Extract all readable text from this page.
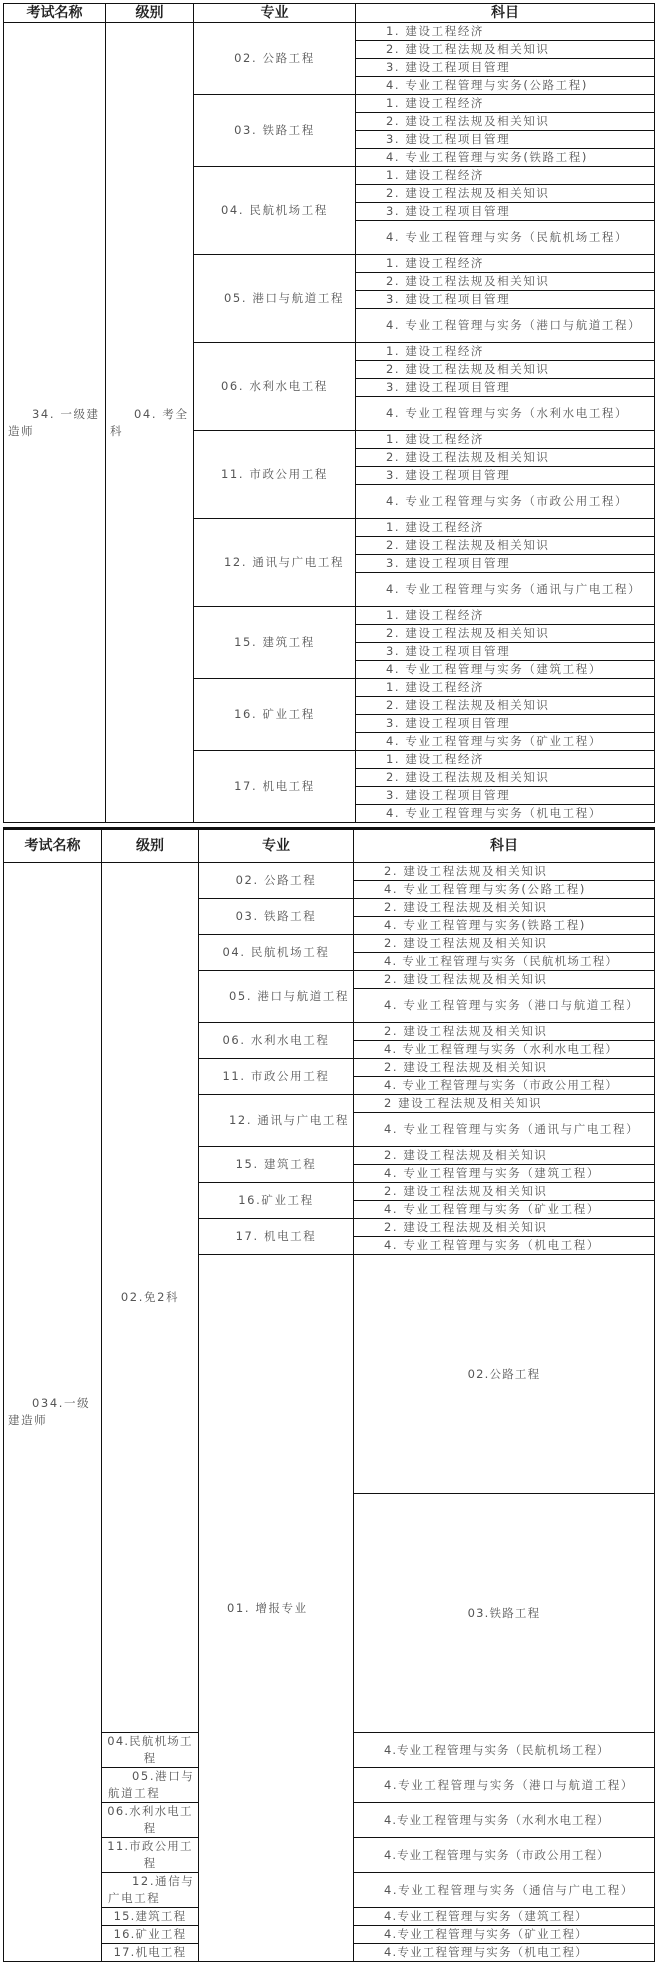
考试名称	级别	专业	科目
34. 一级建造师	04. 考全科	02. 公路工程	1. 建设工程经济
			2. 建设工程法规及相关知识
			3. 建设工程项目管理
			4. 专业工程管理与实务(公路工程)
		03. 铁路工程	1. 建设工程经济
			2. 建设工程法规及相关知识
			3. 建设工程项目管理
			4. 专业工程管理与实务(铁路工程)
		04. 民航机场工程	1. 建设工程经济
			2. 建设工程法规及相关知识
			3. 建设工程项目管理
			4. 专业工程管理与实务（民航机场工程）
		05. 港口与航道工程	1. 建设工程经济
			2. 建设工程法规及相关知识
			3. 建设工程项目管理
			4. 专业工程管理与实务（港口与航道工程）
		06. 水利水电工程	1. 建设工程经济
			2. 建设工程法规及相关知识
			3. 建设工程项目管理
			4. 专业工程管理与实务（水利水电工程）
		11. 市政公用工程	1. 建设工程经济
			2. 建设工程法规及相关知识
			3. 建设工程项目管理
			4. 专业工程管理与实务（市政公用工程）
		12. 通讯与广电工程	1. 建设工程经济
			2. 建设工程法规及相关知识
			3. 建设工程项目管理
			4. 专业工程管理与实务（通讯与广电工程）
		15. 建筑工程	1. 建设工程经济
			2. 建设工程法规及相关知识
			3. 建设工程项目管理
			4. 专业工程管理与实务（建筑工程）
		16. 矿业工程	1. 建设工程经济
			2. 建设工程法规及相关知识
			3. 建设工程项目管理
			4. 专业工程管理与实务（矿业工程）
		17. 机电工程	1. 建设工程经济
			2. 建设工程法规及相关知识
			3. 建设工程项目管理
			4. 专业工程管理与实务（机电工程）
考试名称	级别	专业	科目	
034.一级建造师	02.免2科	02. 公路工程	2. 建设工程法规及相关知识	
			4. 专业工程管理与实务(公路工程)	
		03. 铁路工程	2. 建设工程法规及相关知识	
			4. 专业工程管理与实务(铁路工程)	
		04. 民航机场工程	2. 建设工程法规及相关知识	
			4. 专业工程管理与实务（民航机场工程）	
		05. 港口与航道工程	2. 建设工程法规及相关知识	
			4. 专业工程管理与实务（港口与航道工程）	
		06. 水利水电工程	2. 建设工程法规及相关知识	
			4. 专业工程管理与实务（水利水电工程）	
		11. 市政公用工程	2. 建设工程法规及相关知识	
			4. 专业工程管理与实务（市政公用工程）	
		12. 通讯与广电工程	2 建设工程法规及相关知识	
			4. 专业工程管理与实务（通讯与广电工程）	
		15. 建筑工程	2. 建设工程法规及相关知识	
			4. 专业工程管理与实务（建筑工程）	
		16.矿业工程	2. 建设工程法规及相关知识	
			4. 专业工程管理与实务（矿业工程）	
		17. 机电工程	2. 建设工程法规及相关知识	
			4. 专业工程管理与实务（机电工程）	
		01. 增报专业	02.公路工程	
			03.铁路工程	
	04.民航机场工程		4.专业工程管理与实务（民航机场工程）	
	05.港口与航道工程		4.专业工程管理与实务（港口与航道工程）	
	06.水利水电工程		4.专业工程管理与实务（水利水电工程）	
	11.市政公用工程		4.专业工程管理与实务（市政公用工程）	
	12.通信与广电工程		4.专业工程管理与实务（通信与广电工程）	
	15.建筑工程		4.专业工程管理与实务（建筑工程）	
	16.矿业工程		4.专业工程管理与实务（矿业工程）	
	17.机电工程		4.专业工程管理与实务（机电工程）	
